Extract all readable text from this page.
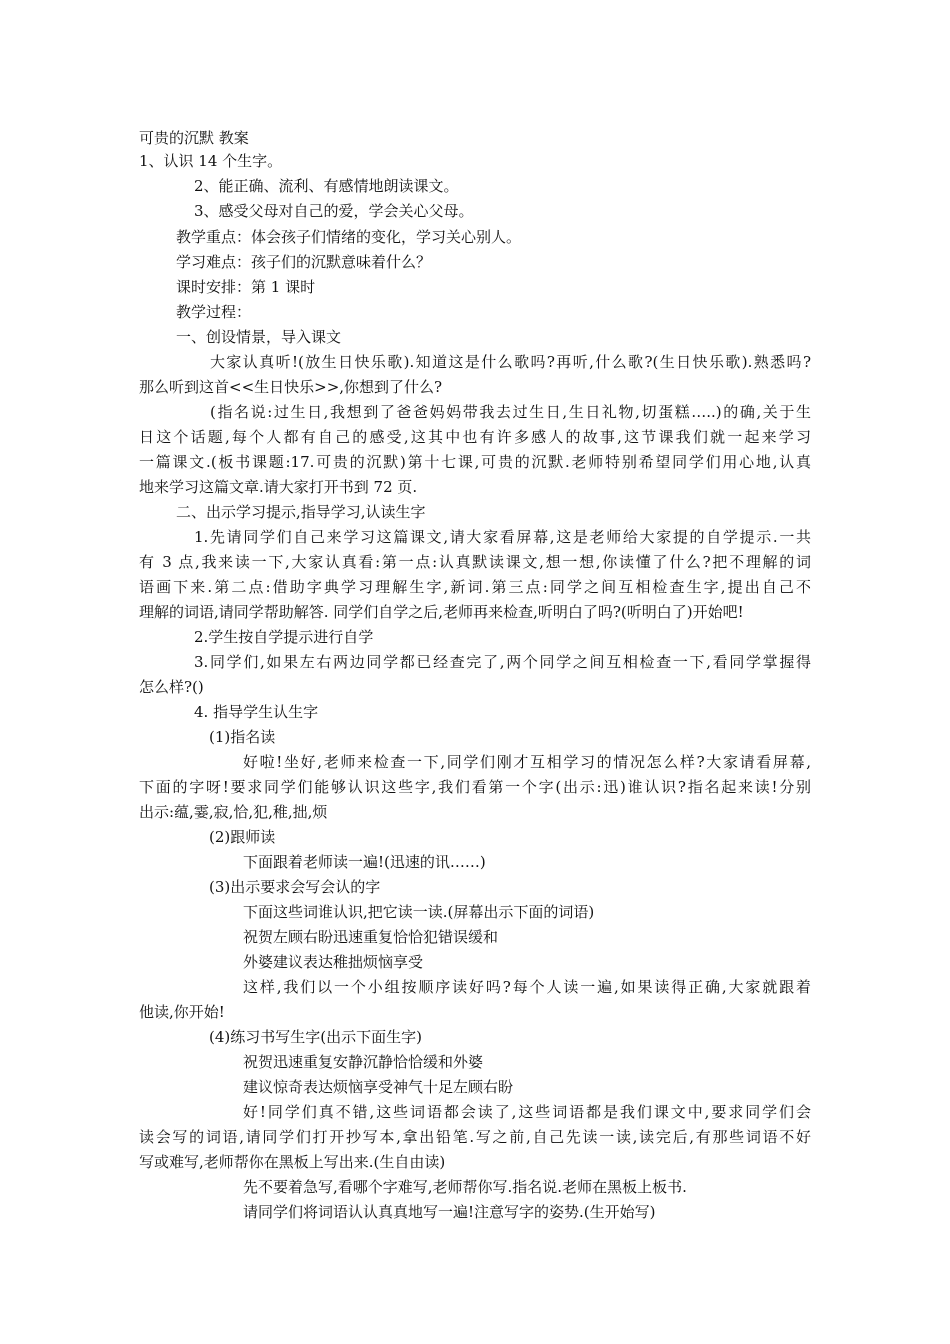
可贵的沉默 教案
1、认识 14 个生字。
2、能正确、流利、有感情地朗读课文。
3、感受父母对自己的爱，学会关心父母。
教学重点：体会孩子们情绪的变化，学习关心别人。
学习难点：孩子们的沉默意味着什么？
课时安排：第 1 课时
教学过程：
一、创设情景，导入课文
大家认真听!(放生日快乐歌).知道这是什么歌吗?再听,什么歌?(生日快乐歌).熟悉吗?
那么听到这首<<生日快乐>>,你想到了什么?
(指名说:过生日,我想到了爸爸妈妈带我去过生日,生日礼物,切蛋糕…..)的确,关于生
日这个话题,每个人都有自己的感受,这其中也有许多感人的故事,这节课我们就一起来学习
一篇课文.(板书课题:17.可贵的沉默)第十七课,可贵的沉默.老师特别希望同学们用心地,认真
地来学习这篇文章.请大家打开书到 72 页.
二、出示学习提示,指导学习,认读生字
1.先请同学们自己来学习这篇课文,请大家看屏幕,这是老师给大家提的自学提示.一共
有 3 点,我来读一下,大家认真看:第一点:认真默读课文,想一想,你读懂了什么?把不理解的词
语画下来.第二点:借助字典学习理解生字,新词.第三点:同学之间互相检查生字,提出自己不
理解的词语,请同学帮助解答. 同学们自学之后,老师再来检查,听明白了吗?(听明白了)开始吧!
2.学生按自学提示进行自学
3.同学们,如果左右两边同学都已经查完了,两个同学之间互相检查一下,看同学掌握得
怎么样?()
4. 指导学生认生字
(1)指名读
好啦!坐好,老师来检查一下,同学们刚才互相学习的情况怎么样?大家请看屏幕,
下面的字呀!要求同学们能够认识这些字,我们看第一个字(出示:迅)谁认识?指名起来读!分别
出示:蕴,霎,寂,恰,犯,稚,拙,烦
(2)跟师读
下面跟着老师读一遍!(迅速的讯……)
(3)出示要求会写会认的字
下面这些词谁认识,把它读一读.(屏幕出示下面的词语)
祝贺左顾右盼迅速重复恰恰犯错误缓和
外婆建议表达稚拙烦恼享受
这样,我们以一个小组按顺序读好吗?每个人读一遍,如果读得正确,大家就跟着
他读,你开始!
(4)练习书写生字(出示下面生字)
祝贺迅速重复安静沉静恰恰缓和外婆
建议惊奇表达烦恼享受神气十足左顾右盼
好!同学们真不错,这些词语都会读了,这些词语都是我们课文中,要求同学们会
读会写的词语,请同学们打开抄写本,拿出铅笔.写之前,自己先读一读,读完后,有那些词语不好
写或难写,老师帮你在黑板上写出来.(生自由读)
先不要着急写,看哪个字难写,老师帮你写.指名说.老师在黑板上板书.
请同学们将词语认认真真地写一遍!注意写字的姿势.(生开始写)
